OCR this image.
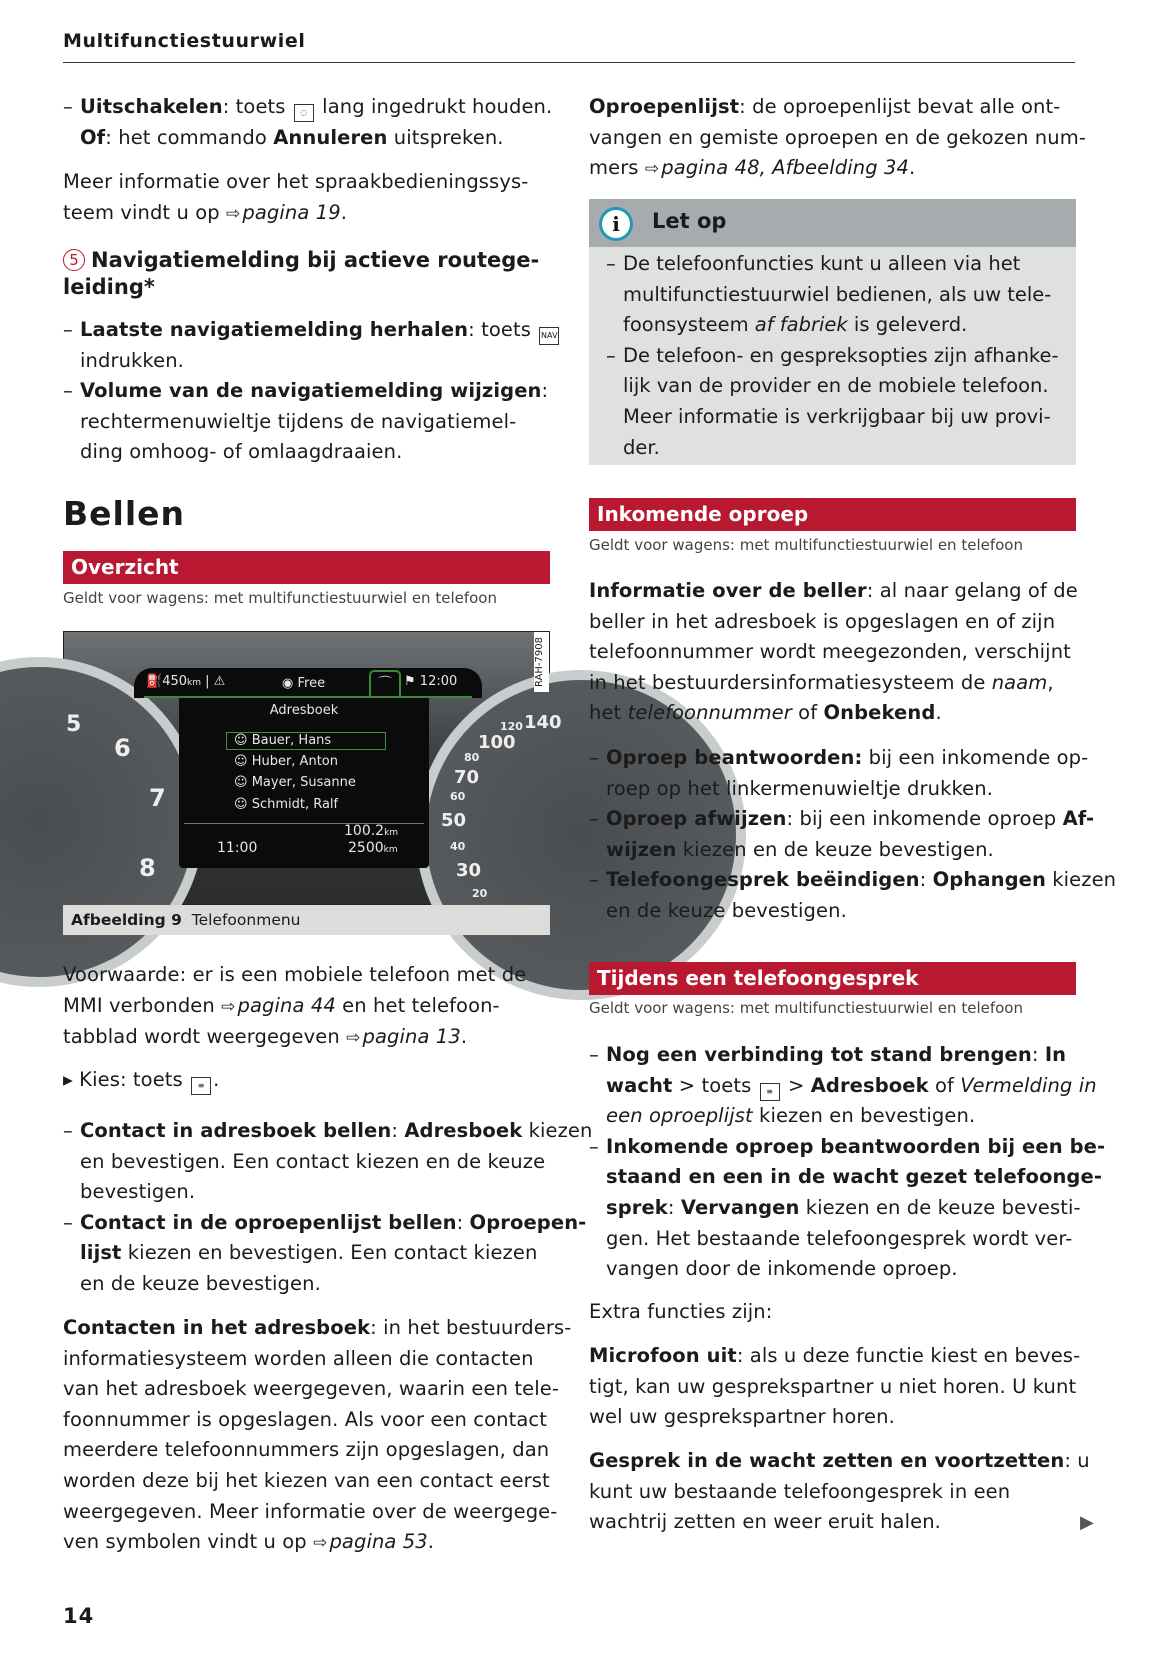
Multifunctiestuurwiel
– Uitschakelen: toets ◌ lang ingedrukt houden.
Of: het commando Annuleren uitspreken.
Meer informatie over het spraakbedieningssys-
teem vindt u op ⇨ pagina 19.
5 Navigatiemelding bij actieve routege-
leiding*
– Laatste navigatiemelding herhalen: toets NAV
indrukken.
– Volume van de navigatiemelding wijzigen:
rechtermenuwieltje tijdens de navigatiemel-
ding omhoog- of omlaagdraaien.
Bellen
Overzicht
Geldt voor wagens: met multifunctiestuurwiel en telefoon
⛽450km | ⚠	◉ Free	⌒ ⚑ 12:00
Adresboek
☺ Bauer, Hans
☺ Huber, Anton
☺ Mayer, Susanne
☺ Schmidt, Ralf
11:00
100.2km
2500km
5
6
7
8
140
120
100
80
70
60
50
40
30
20
RAH-7908
Afbeelding 9 Telefoonmenu
Voorwaarde: er is een mobiele telefoon met de
MMI verbonden ⇨ pagina 44 en het telefoon-
tabblad wordt weergegeven ⇨ pagina 13.
▸ Kies: toets ≡ .
– Contact in adresboek bellen: Adresboek kiezen
en bevestigen. Een contact kiezen en de keuze
bevestigen.
– Contact in de oproepenlijst bellen: Oproepen-
lijst kiezen en bevestigen. Een contact kiezen
en de keuze bevestigen.
Contacten in het adresboek: in het bestuurders-
informatiesysteem worden alleen die contacten
van het adresboek weergegeven, waarin een tele-
foonnummer is opgeslagen. Als voor een contact
meerdere telefoonnummers zijn opgeslagen, dan
worden deze bij het kiezen van een contact eerst
weergegeven. Meer informatie over de weergege-
ven symbolen vindt u op ⇨ pagina 53.
Oproepenlijst: de oproepenlijst bevat alle ont-
vangen en gemiste oproepen en de gekozen num-
mers ⇨ pagina 48, Afbeelding 34.
i	Let op
– De telefoonfuncties kunt u alleen via het
multifunctiestuurwiel bedienen, als uw tele-
foonsysteem af fabriek is geleverd.
– De telefoon- en gespreksopties zijn afhanke-
lijk van de provider en de mobiele telefoon.
Meer informatie is verkrijgbaar bij uw provi-
der.
Inkomende oproep
Geldt voor wagens: met multifunctiestuurwiel en telefoon
Informatie over de beller: al naar gelang of de
beller in het adresboek is opgeslagen en of zijn
telefoonnummer wordt meegezonden, verschijnt
in het bestuurdersinformatiesysteem de naam,
het telefoonnummer of Onbekend.
– Oproep beantwoorden: bij een inkomende op-
roep op het linkermenuwieltje drukken.
– Oproep afwijzen: bij een inkomende oproep Af-
wijzen kiezen en de keuze bevestigen.
– Telefoongesprek beëindigen: Ophangen kiezen
en de keuze bevestigen.
Tijdens een telefoongesprek
Geldt voor wagens: met multifunctiestuurwiel en telefoon
– Nog een verbinding tot stand brengen: In
wacht > toets ≡ > Adresboek of Vermelding in
een oproeplijst kiezen en bevestigen.
– Inkomende oproep beantwoorden bij een be-
staand en een in de wacht gezet telefoonge-
sprek: Vervangen kiezen en de keuze bevesti-
gen. Het bestaande telefoongesprek wordt ver-
vangen door de inkomende oproep.
Extra functies zijn:
Microfoon uit: als u deze functie kiest en beves-
tigt, kan uw gesprekspartner u niet horen. U kunt
wel uw gesprekspartner horen.
Gesprek in de wacht zetten en voortzetten: u
kunt uw bestaande telefoongesprek in een
wachtrij zetten en weer eruit halen.	▶
14
